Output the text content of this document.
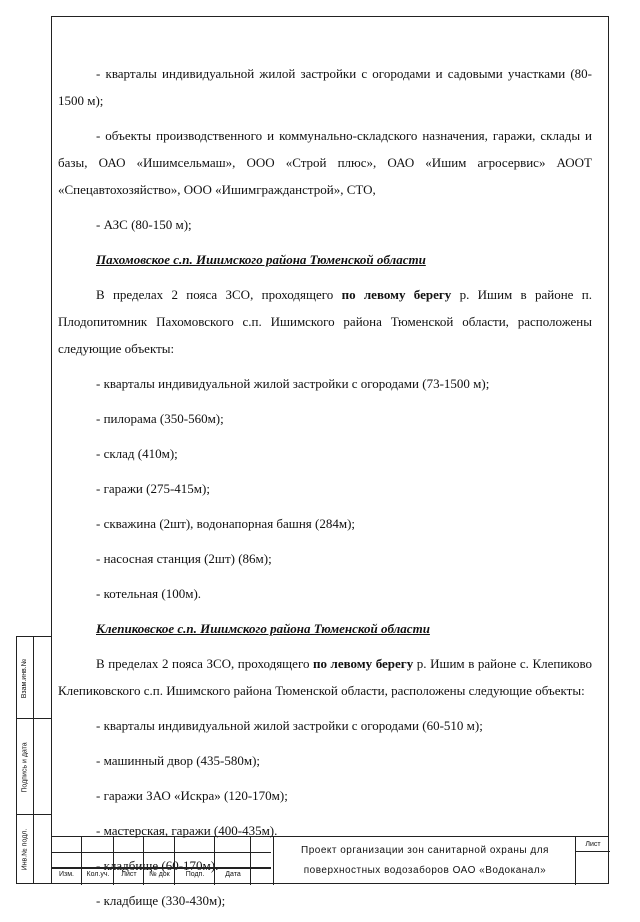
Взам.инв.№
Подпись и дата
Инв.№ подл.

- кварталы индивидуальной жилой застройки с огородами и садовыми участками (80-1500 м);

- объекты производственного и коммунально-складского назначения, гаражи, склады и базы, ОАО «Ишимсельмаш», ООО «Строй плюс», ОАО «Ишим агросервис» АООТ «Спецавтохозяйство», ООО «Ишимгражданстрой», СТО,

- АЗС (80-150 м);

Пахомовское с.п. Ишимского района Тюменской области

В пределах 2 пояса ЗСО, проходящего по левому берегу р. Ишим в районе п. Плодопитомник Пахомовского с.п. Ишимского района Тюменской области, расположены следующие объекты:

- кварталы индивидуальной жилой застройки с огородами (73-1500 м);

- пилорама (350-560м);

- склад (410м);

- гаражи (275-415м);

- скважина (2шт), водонапорная башня (284м);

- насосная станция (2шт) (86м);

- котельная (100м).

Клепиковское с.п. Ишимского района Тюменской области

В пределах 2 пояса ЗСО, проходящего по левому берегу р. Ишим в районе с. Клепиково Клепиковского с.п. Ишимского района Тюменской области, расположены следующие объекты:

- кварталы индивидуальной жилой застройки с огородами (60-510 м);

- машинный двор (435-580м);

- гаражи ЗАО «Искра» (120-170м);

- мастерская, гаражи (400-435м).

- кладбище (60-170м).

- кладбище (330-430м);

Изм.	Кол.уч.	Лист	№ док	Подп.	Дата
Проект организации зон санитарной охраны для
поверхностных водозаборов ОАО «Водоканал»
Лист
